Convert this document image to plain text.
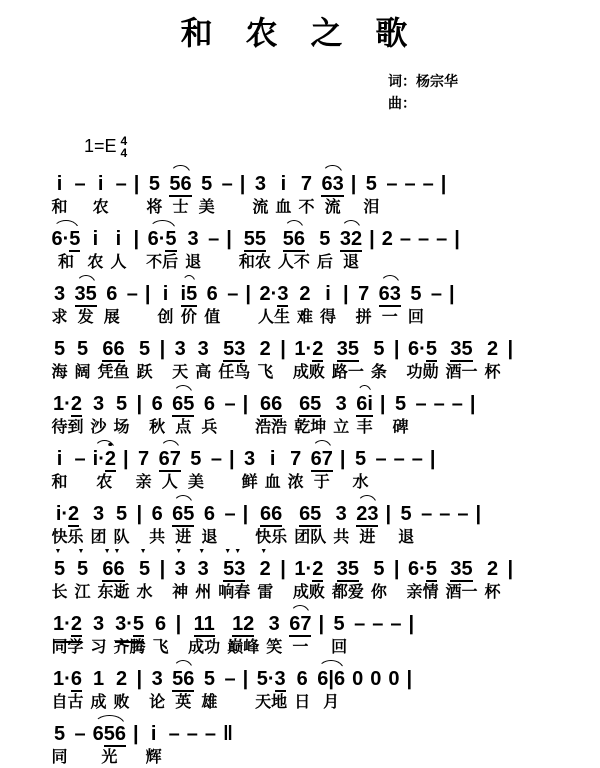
和 农 之 歌
词：杨宗华
曲：
1=E 4
4
i
和
– i
农
– | 5
将
56
士
5
美
– | 3
流
i
血
7
不
63
流
| 5
泪
– – – |
6·5
和
i
农
i
人
| 6·5
不后
3
退
– | 55
和农
56
人不
5
后
32
退
| 2 – – – |
3
求
35
发
6
展
– | i
创
i5
价
6
值
– | 2·3
人生
2
难
i
得
| 7
拼
63
一
5
回
– |
5
海
5
阔
66
凭鱼
5
跃
| 3
天
3
高
53
任鸟
2
飞
| 1·2
成败
35
路一
5
条
| 6·5
功勋
35
酒一
2
杯
|
1·2
待到
3
沙
5
场
| 6
秋
65
点
6
兵
– | 66
浩浩
65
乾坤
3
立
6i
丰
| 5
碑
– – – |
i
和
– i·2
农
| 7
亲
67
人
5
美
– | 3
鲜
i
血
7
浓
67
于
| 5
水
– – – |
i·2
快乐
3
团
5
队
| 6
共
65
进
6
退
– | 66
快乐
65
团队
3
共
23
进
| 5
退
– – – |
5
▼
长
5
▼
江
66
▼▼
东逝
5
▼
水
| 3
▼
神
3
▼
州
53
▼▼
响春
2
▼
雷
| 1·2
成败
35
都爱
5
你
| 6·5
亲情
35
酒一
2
杯
|
1·2
同学
3
习
3·5
齐腾
6
飞
| 11
成功
12
巅峰
3
笑
67
一
| 5
回
– – – |
1·6
自古
1
成
2
败
| 3
论
56
英
5
雄
– | 5·3
天地
6
日
6|6
月
0 0 0 |
5
同
– 656
光
| i
辉
– – – ‖
